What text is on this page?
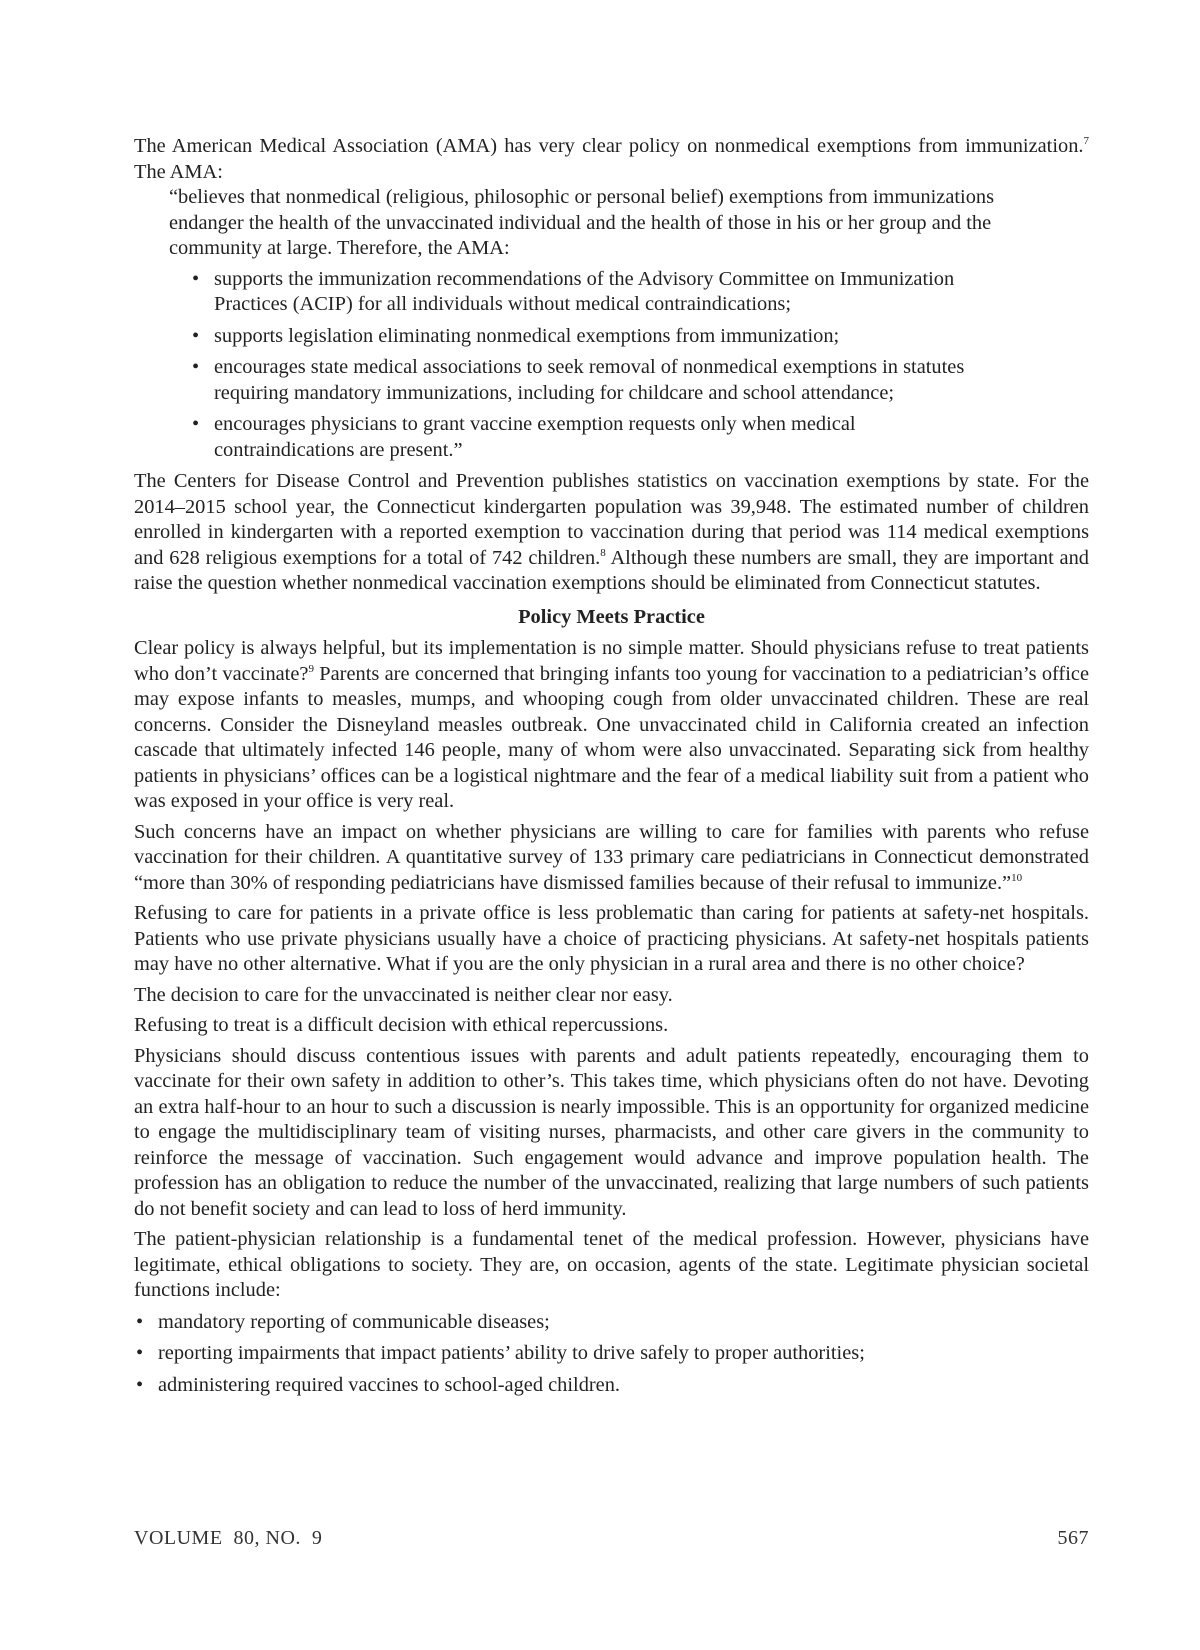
The American Medical Association (AMA) has very clear policy on nonmedical exemptions from immunization.$^7$ The AMA:

“believes that nonmedical (religious, philosophic or personal belief) exemptions from immunizations endanger the health of the unvaccinated individual and the health of those in his or her group and the community at large. Therefore, the AMA:

• supports the immunization recommendations of the Advisory Committee on Immunization Practices (ACIP) for all individuals without medical contraindications;
• supports legislation eliminating nonmedical exemptions from immunization;
• encourages state medical associations to seek removal of nonmedical exemptions in statutes requiring mandatory immunizations, including for childcare and school attendance;
• encourages physicians to grant vaccine exemption requests only when medical contraindications are present.”

The Centers for Disease Control and Prevention publishes statistics on vaccination exemptions by state. For the 2014–2015 school year, the Connecticut kindergarten population was 39,948. The estimated number of children enrolled in kindergarten with a reported exemption to vaccination during that period was 114 medical exemptions and 628 religious exemptions for a total of 742 children.$^8$ Although these numbers are small, they are important and raise the question whether nonmedical vaccination exemptions should be eliminated from Connecticut statutes.

Policy Meets Practice

Clear policy is always helpful, but its implementation is no simple matter. Should physicians refuse to treat patients who don’t vaccinate?$^9$ Parents are concerned that bringing infants too young for vaccination to a pediatrician’s office may expose infants to measles, mumps, and whooping cough from older unvaccinated children. These are real concerns. Consider the Disneyland measles outbreak. One unvaccinated child in California created an infection cascade that ultimately infected 146 people, many of whom were also unvaccinated. Separating sick from healthy patients in physicians’ offices can be a logistical nightmare and the fear of a medical liability suit from a patient who was exposed in your office is very real.

Such concerns have an impact on whether physicians are willing to care for families with parents who refuse vaccination for their children. A quantitative survey of 133 primary care pediatricians in Connecticut demonstrated “more than 30% of responding pediatricians have dismissed families because of their refusal to immunize.”$^{10}$

Refusing to care for patients in a private office is less problematic than caring for patients at safety-net hospitals. Patients who use private physicians usually have a choice of practicing physicians. At safety-net hospitals patients may have no other alternative. What if you are the only physician in a rural area and there is no other choice?

The decision to care for the unvaccinated is neither clear nor easy.

Refusing to treat is a difficult decision with ethical repercussions.

Physicians should discuss contentious issues with parents and adult patients repeatedly, encouraging them to vaccinate for their own safety in addition to other’s. This takes time, which physicians often do not have. Devoting an extra half-hour to an hour to such a discussion is nearly impossible. This is an opportunity for organized medicine to engage the multidisciplinary team of visiting nurses, pharmacists, and other care givers in the community to reinforce the message of vaccination. Such engagement would advance and improve population health. The profession has an obligation to reduce the number of the unvaccinated, realizing that large numbers of such patients do not benefit society and can lead to loss of herd immunity.

The patient-physician relationship is a fundamental tenet of the medical profession. However, physicians have legitimate, ethical obligations to society. They are, on occasion, agents of the state. Legitimate physician societal functions include:

• mandatory reporting of communicable diseases;
• reporting impairments that impact patients’ ability to drive safely to proper authorities;
• administering required vaccines to school-aged children.
VOLUME  80, NO.  9	567
